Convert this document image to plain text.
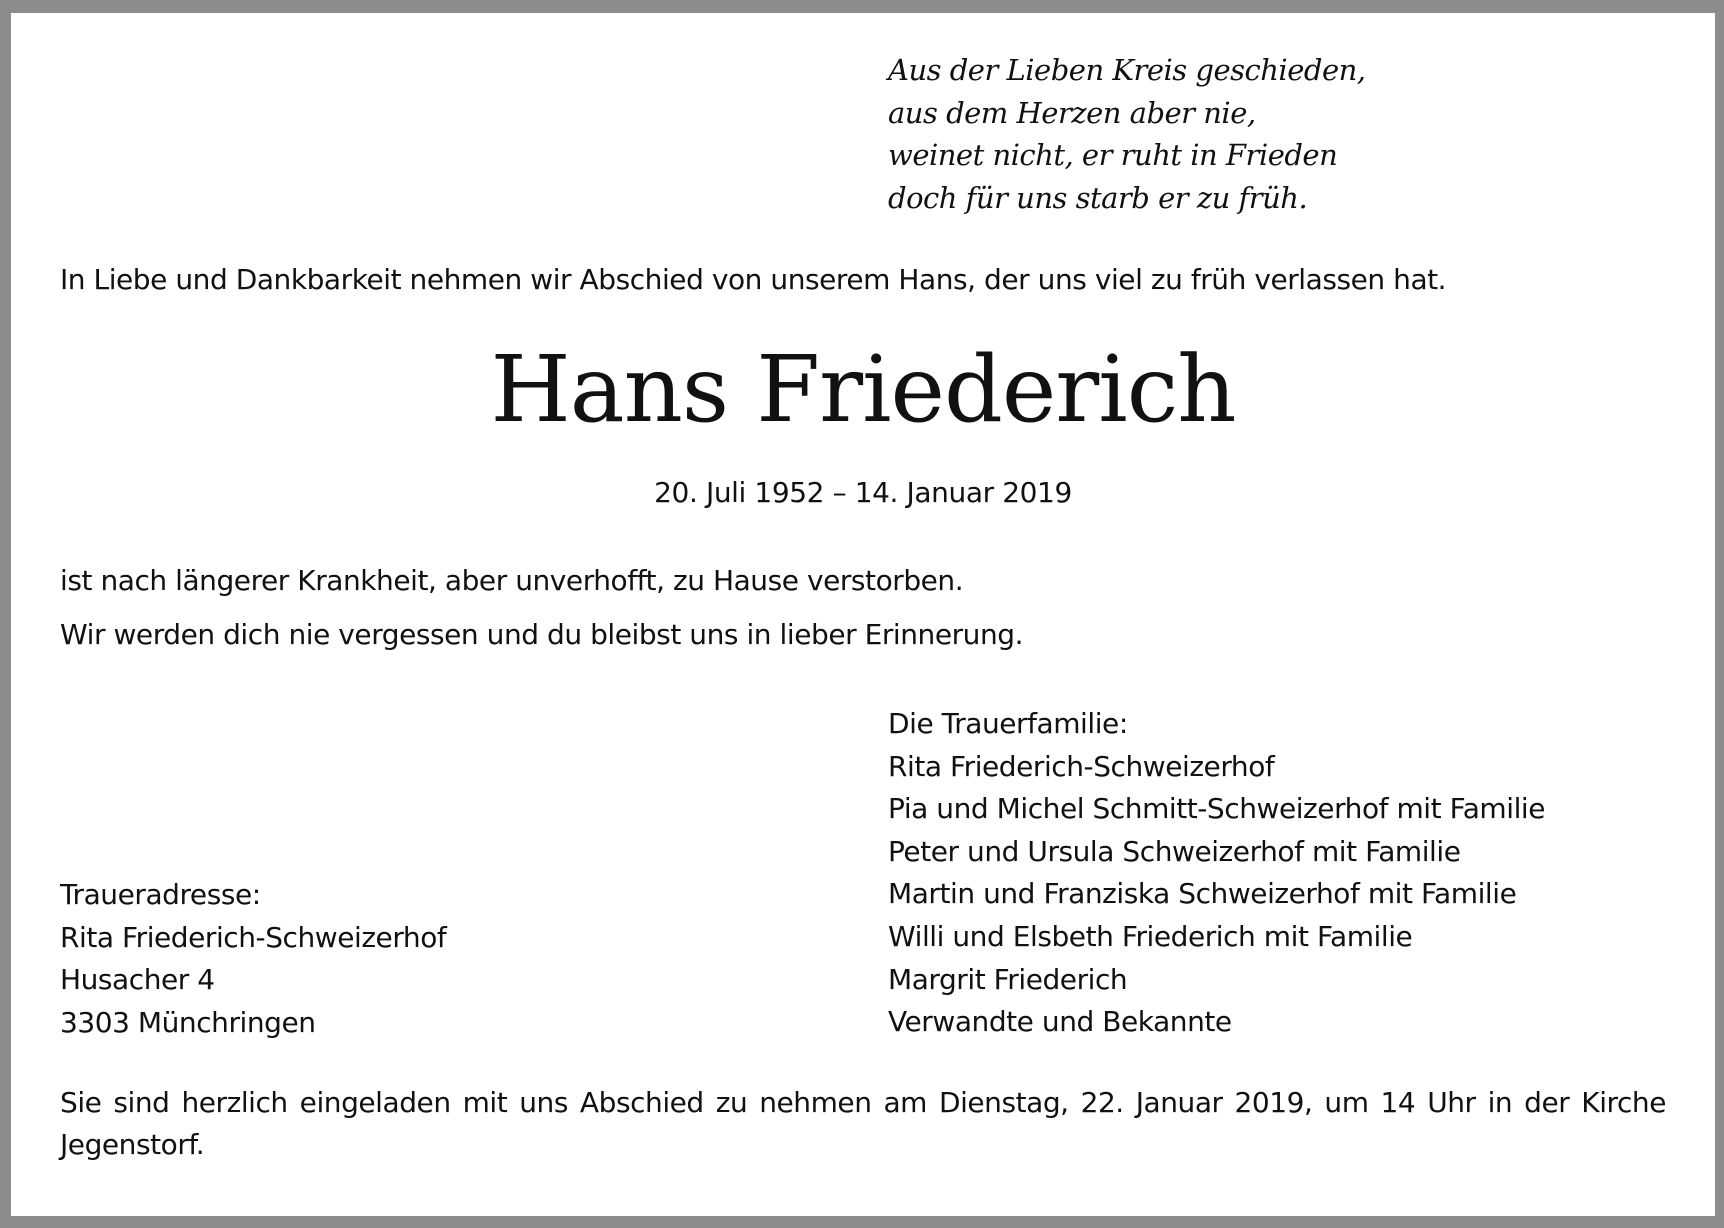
Aus der Lieben Kreis geschieden,
aus dem Herzen aber nie,
weinet nicht, er ruht in Frieden
doch für uns starb er zu früh.
In Liebe und Dankbarkeit nehmen wir Abschied von unserem Hans, der uns viel zu früh verlassen hat.
Hans Friederich
20. Juli 1952 – 14. Januar 2019
ist nach längerer Krankheit, aber unverhofft, zu Hause verstorben.
Wir werden dich nie vergessen und du bleibst uns in lieber Erinnerung.
Die Trauerfamilie:
Rita Friederich-Schweizerhof
Pia und Michel Schmitt-Schweizerhof mit Familie
Peter und Ursula Schweizerhof mit Familie
Martin und Franziska Schweizerhof mit Familie
Willi und Elsbeth Friederich mit Familie
Margrit Friederich
Verwandte und Bekannte
Traueradresse:
Rita Friederich-Schweizerhof
Husacher 4
3303 Münchringen
Sie sind herzlich eingeladen mit uns Abschied zu nehmen am Dienstag, 22. Januar 2019, um 14 Uhr in der Kirche Jegenstorf.
